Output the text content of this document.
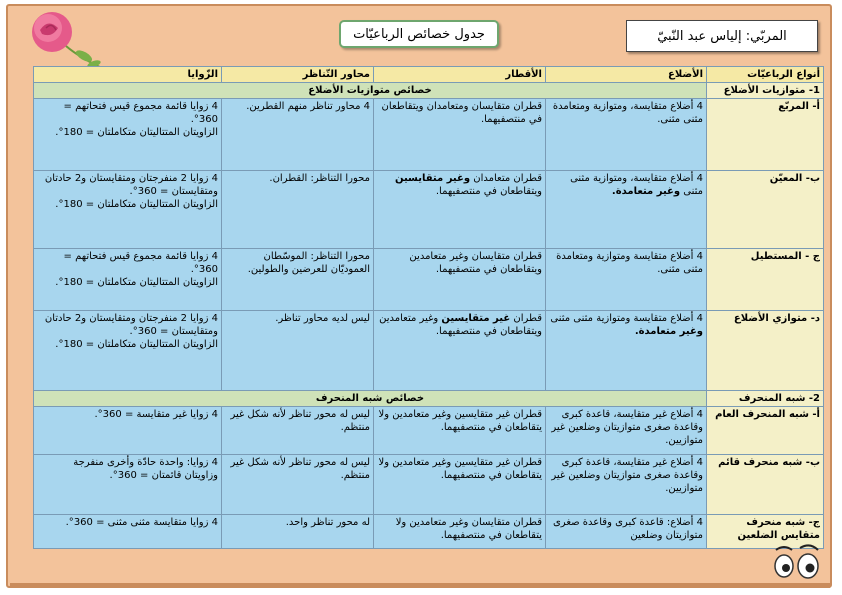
المربّي: إلياس عبد النّبيّ
جدول خصائص الرباعيّات
أنواع الرباعيّات	الأضلاع	الأقطار	محاور التّناظر	الزّوايا
1- متوازيات الأضلاع	خصائص متوازيات الأضلاع			
أ- المربّع	4 أضلاع متقايسة، ومتوازية ومتعامدة مثنى مثنى.	قطران متقايسان ومتعامدان ويتقاطعان في منتصفيهما.	4 محاور تناظر منهم القطرين.	4 زوايا قائمة مجموع قيس فتحاتهم = 360°.
الزاويتان المتتاليتان متكاملتان = 180°.

ب- المعيّن	4 أضلاع متقايسة، ومتوازية مثنى مثنى وغير متعامدة.	قطران متعامدان وغير متقايسين ويتقاطعان في منتصفيهما.	محورا التناظر: القطران.	4 زوايا 2 منفرجتان ومتقايستان و2 حادتان ومتقايستان = 360°.
الزاويتان المتتاليتان متكاملتان = 180°.

ج - المستطيل	4 أضلاع متقايسة ومتوازية ومتعامدة مثنى مثنى.	قطران متقايسان وغير متعامدين ويتقاطعان في منتصفيهما.	محورا التناظر: الموسّطان العموديّان للعرضين والطولين.	4 زوايا قائمة مجموع قيس فتحاتهم = 360°.
الزاويتان المتتاليتان متكاملتان = 180°.

د- متوازي الأضلاع	4 أضلاع متقايسة ومتوازية مثنى مثنى وغير متعامدة.	قطران غير متقايسين وغير متعامدين ويتقاطعان في منتصفيهما.	ليس لديه محاور تناظر.	4 زوايا 2 منفرجتان ومتقايستان و2 حادتان ومتقايستان = 360°.
الزاويتان المتتاليتان متكاملتان = 180°.

2- شبه المنحرف	خصائص شبه المنحرف			
أ- شبه المنحرف العام	4 أضلاع غير متقايسة، قاعدة كبرى وقاعدة صغرى متوازيتان وضلعين غير متوازيين.	قطران غير متقايسين وغير متعامدين ولا يتقاطعان في منتصفيهما.	ليس له محور تناظر لأنه شكل غير منتظم.	4 زوايا غير متقايسة = 360°.
ب- شبه منحرف قائم	4 أضلاع غير متقايسة، قاعدة كبرى وقاعدة صغرى متوازيتان وضلعين غير متوازيين.	قطران غير متقايسين وغير متعامدين ولا يتقاطعان في منتصفيهما.	ليس له محور تناظر لأنه شكل غير منتظم.	4 زوايا: واحدة حادّة وأخرى منفرجة وزاويتان قائمتان = 360°.
ج- شبه منحرف متقايس الضلعين	4 أضلاع: قاعدة كبرى وقاعدة صغرى متوازيتان وضلعين	قطران متقايسان وغير متعامدين ولا يتقاطعان في منتصفيهما.	له محور تناظر واحد.	4 زوايا متقايسة مثنى مثنى = 360°.
